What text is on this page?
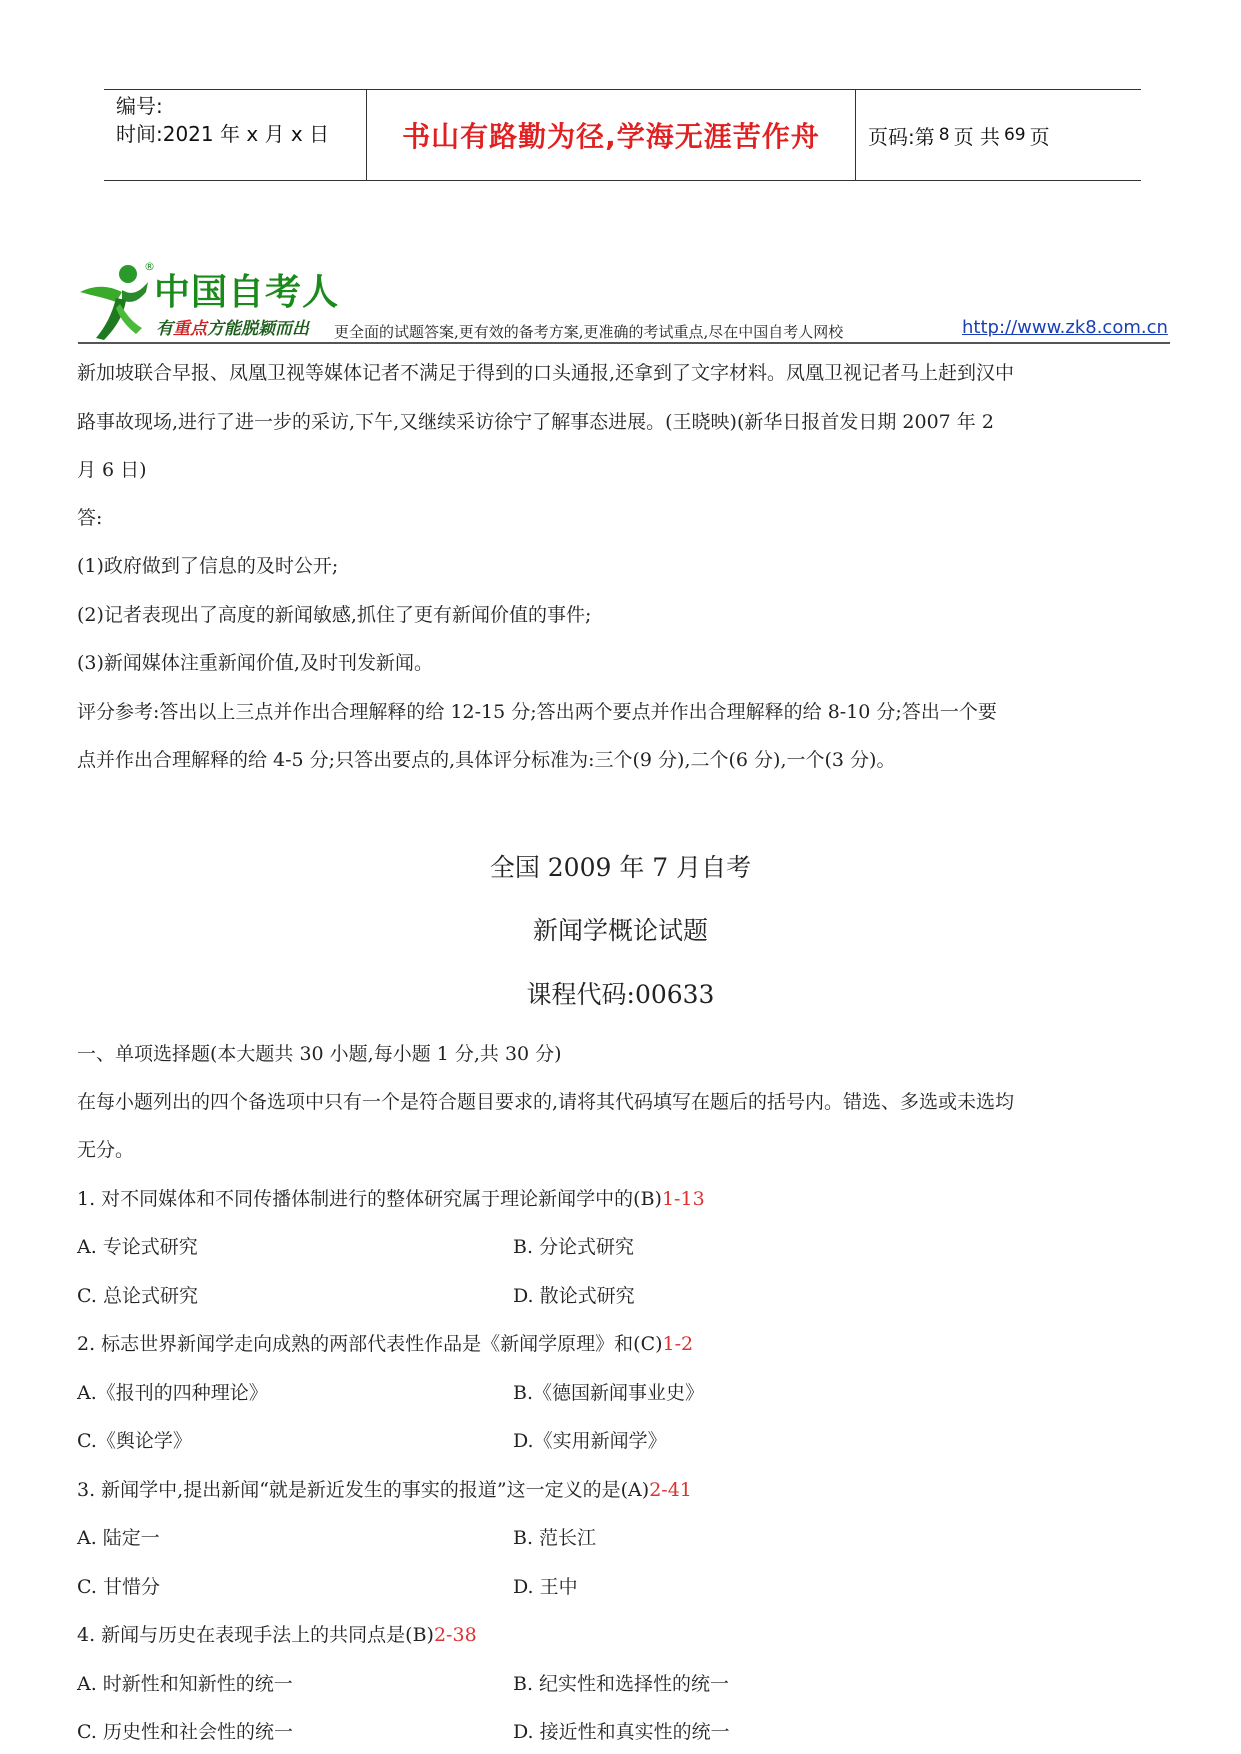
编号:
时间:2021 年 x 月 x 日	书山有路勤为径,学海无涯苦作舟	页码:第 8 页 共 69 页
®
中国自考人
有重点方能脱颖而出 更全面的试题答案,更有效的备考方案,更准确的考试重点,尽在中国自考人网校	http://www.zk8.com.cn
新加坡联合早报、凤凰卫视等媒体记者不满足于得到的口头通报,还拿到了文字材料。凤凰卫视记者马上赶到汉中
路事故现场,进行了进一步的采访,下午,又继续采访徐宁了解事态进展。(王晓映)(新华日报首发日期 2007 年 2
月 6 日)
答:
(1)政府做到了信息的及时公开;
(2)记者表现出了高度的新闻敏感,抓住了更有新闻价值的事件;
(3)新闻媒体注重新闻价值,及时刊发新闻。
评分参考:答出以上三点并作出合理解释的给 12-15 分;答出两个要点并作出合理解释的给 8-10 分;答出一个要
点并作出合理解释的给 4-5 分;只答出要点的,具体评分标准为:三个(9 分),二个(6 分),一个(3 分)。
全国 2009 年 7 月自考
新闻学概论试题
课程代码:00633
一、单项选择题(本大题共 30 小题,每小题 1 分,共 30 分)
在每小题列出的四个备选项中只有一个是符合题目要求的,请将其代码填写在题后的括号内。错选、多选或未选均
无分。
1. 对不同媒体和不同传播体制进行的整体研究属于理论新闻学中的(B)1-13
A. 专论式研究	B. 分论式研究
C. 总论式研究	D. 散论式研究
2. 标志世界新闻学走向成熟的两部代表性作品是《新闻学原理》和(C)1-2
A.《报刊的四种理论》	B.《德国新闻事业史》
C.《舆论学》	D.《实用新闻学》
3. 新闻学中,提出新闻“就是新近发生的事实的报道”这一定义的是(A)2-41
A. 陆定一	B. 范长江
C. 甘惜分	D. 王中
4. 新闻与历史在表现手法上的共同点是(B)2-38
A. 时新性和知新性的统一	B. 纪实性和选择性的统一
C. 历史性和社会性的统一	D. 接近性和真实性的统一
